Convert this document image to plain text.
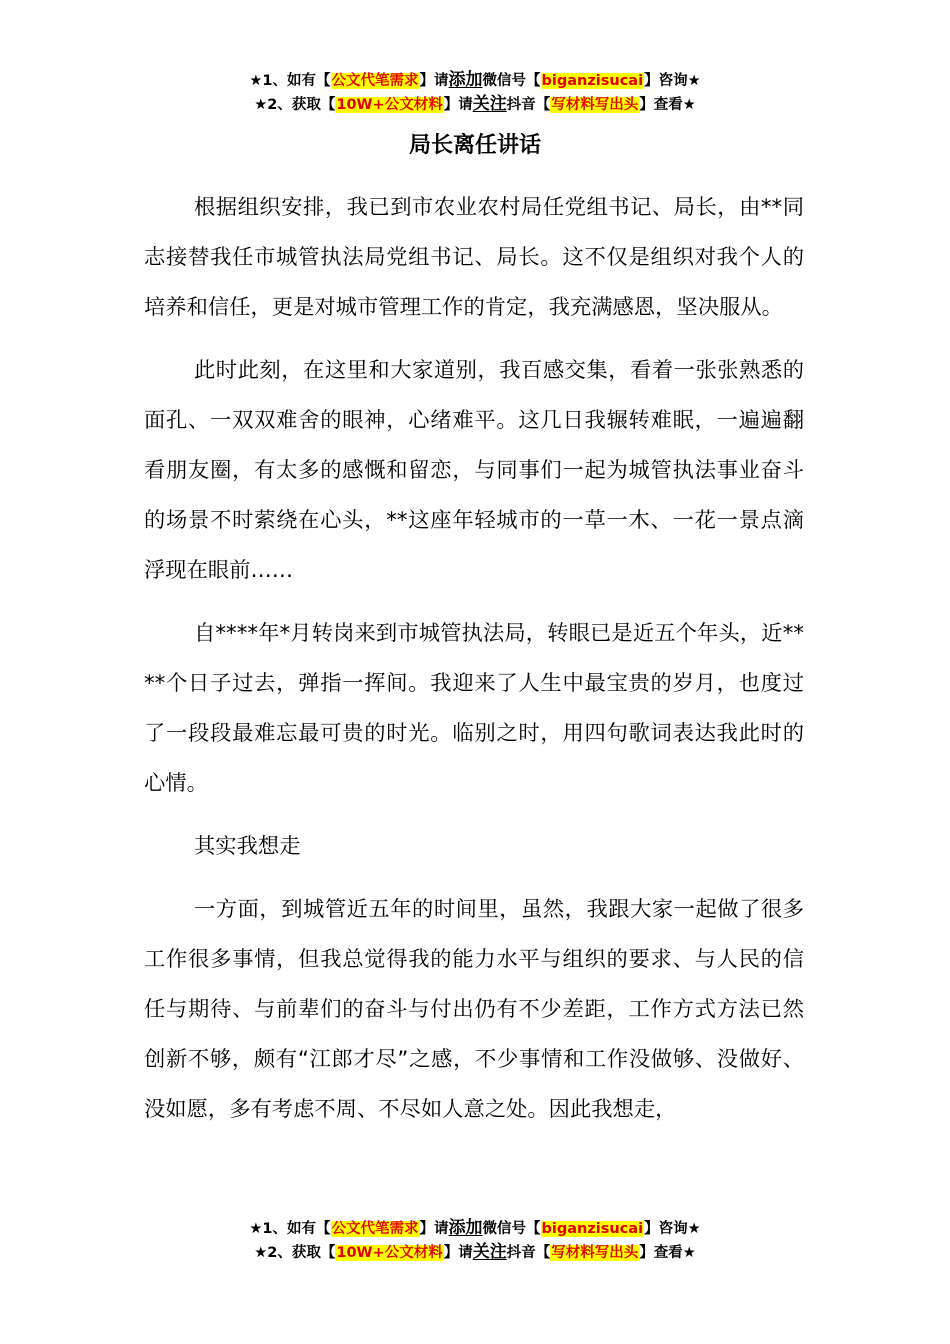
★1、如有【公文代笔需求】请添加微信号【biganzisucai】咨询★
★2、获取【10W+公文材料】请关注抖音【写材料写出头】查看★
局长离任讲话

根据组织安排，我已到市农业农村局任党组书记、局长，由**同志接替我任市城管执法局党组书记、局长。这不仅是组织对我个人的培养和信任，更是对城市管理工作的肯定，我充满感恩，坚决服从。

此时此刻，在这里和大家道别，我百感交集，看着一张张熟悉的面孔、一双双难舍的眼神，心绪难平。这几日我辗转难眠，一遍遍翻看朋友圈，有太多的感慨和留恋，与同事们一起为城管执法事业奋斗的场景不时萦绕在心头，**这座年轻城市的一草一木、一花一景点滴浮现在眼前……

自****年*月转岗来到市城管执法局，转眼已是近五个年头，近****个日子过去，弹指一挥间。我迎来了人生中最宝贵的岁月，也度过了一段段最难忘最可贵的时光。临别之时，用四句歌词表达我此时的心情。

其实我想走

一方面，到城管近五年的时间里，虽然，我跟大家一起做了很多工作很多事情，但我总觉得我的能力水平与组织的要求、与人民的信任与期待、与前辈们的奋斗与付出仍有不少差距，工作方式方法已然创新不够，颇有“江郎才尽”之感，不少事情和工作没做够、没做好、没如愿，多有考虑不周、不尽如人意之处。因此我想走，

★1、如有【公文代笔需求】请添加微信号【biganzisucai】咨询★
★2、获取【10W+公文材料】请关注抖音【写材料写出头】查看★
